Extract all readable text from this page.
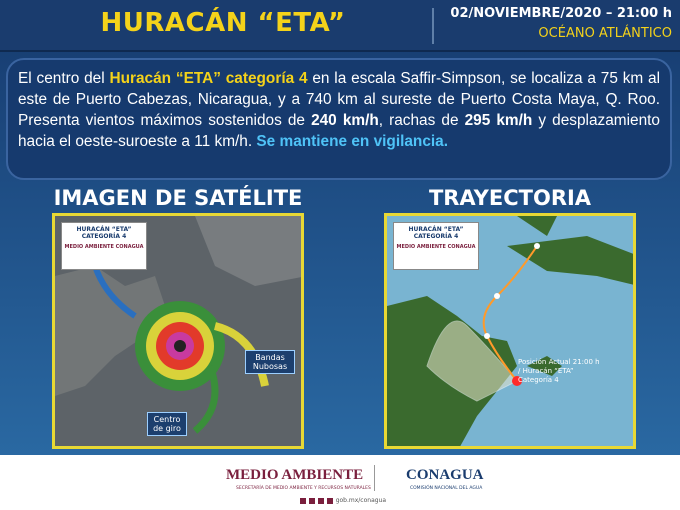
HURACÁN “ETA”	02/NOVIEMBRE/2020 – 21:00 h
OCÉANO ATLÁNTICO
El centro del Huracán “ETA” categoría 4 en la escala Saffir-Simpson, se localiza a 75 km al este de Puerto Cabezas, Nicaragua, y a 740 km al sureste de Puerto Costa Maya, Q. Roo. Presenta vientos máximos sostenidos de 240 km/h, rachas de 295 km/h y desplazamiento hacia el oeste-suroeste a 11 km/h. Se mantiene en vigilancia.
IMAGEN DE SATÉLITE	TRAYECTORIA
HURACÁN “ETA”
CATEGORÍA 4
MEDIO AMBIENTE CONAGUA
Bandas Nubosas
Centro de giro
HURACÁN “ETA”
CATEGORÍA 4
MEDIO AMBIENTE CONAGUA
Posición Actual 21:00 h / Huracán “ETA” Categoría 4
MEDIO AMBIENTE
SECRETARÍA DE MEDIO AMBIENTE Y RECURSOS NATURALES
CONAGUA
COMISIÓN NACIONAL DEL AGUA
gob.mx/conagua
